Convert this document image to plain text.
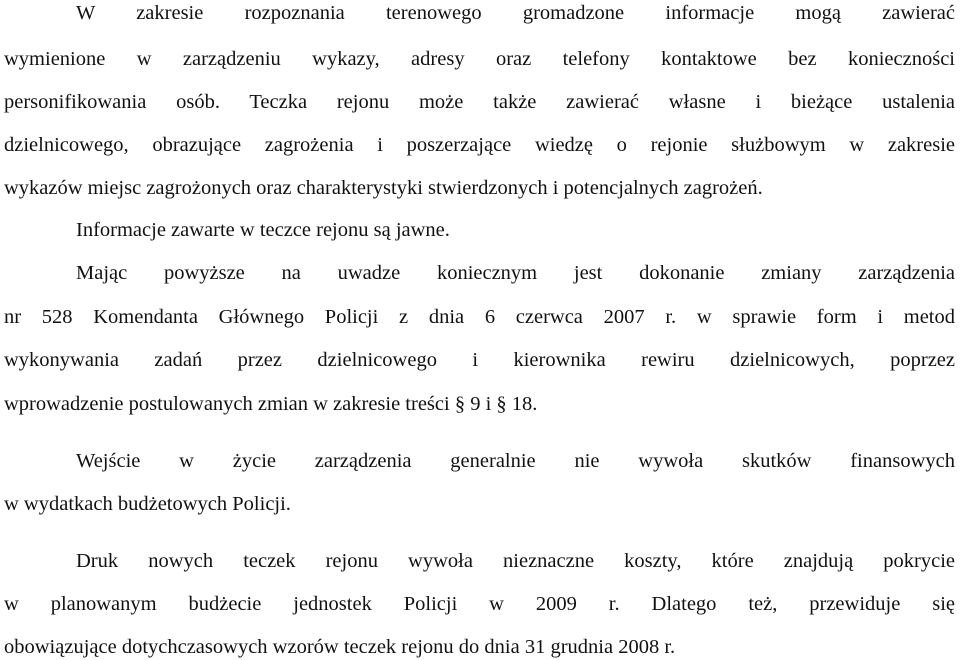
W zakresie rozpoznania terenowego gromadzone informacje mogą zawierać
wymienione w zarządzeniu wykazy, adresy oraz telefony kontaktowe bez konieczności
personifikowania osób. Teczka rejonu może także zawierać własne i bieżące ustalenia
dzielnicowego, obrazujące zagrożenia i poszerzające wiedzę o rejonie służbowym w zakresie
wykazów miejsc zagrożonych oraz charakterystyki stwierdzonych i potencjalnych zagrożeń.
Informacje zawarte w teczce rejonu są jawne.
Mając powyższe na uwadze koniecznym jest dokonanie zmiany zarządzenia
nr 528 Komendanta Głównego Policji z dnia 6 czerwca 2007 r. w sprawie form i metod
wykonywania zadań przez dzielnicowego i kierownika rewiru dzielnicowych, poprzez
wprowadzenie postulowanych zmian w zakresie treści § 9 i § 18.
Wejście w życie zarządzenia generalnie nie wywoła skutków finansowych
w wydatkach budżetowych Policji.
Druk nowych teczek rejonu wywoła nieznaczne koszty, które znajdują pokrycie
w planowanym budżecie jednostek Policji w 2009 r. Dlatego też, przewiduje się
obowiązujące dotychczasowych wzorów teczek rejonu do dnia 31 grudnia 2008 r.
